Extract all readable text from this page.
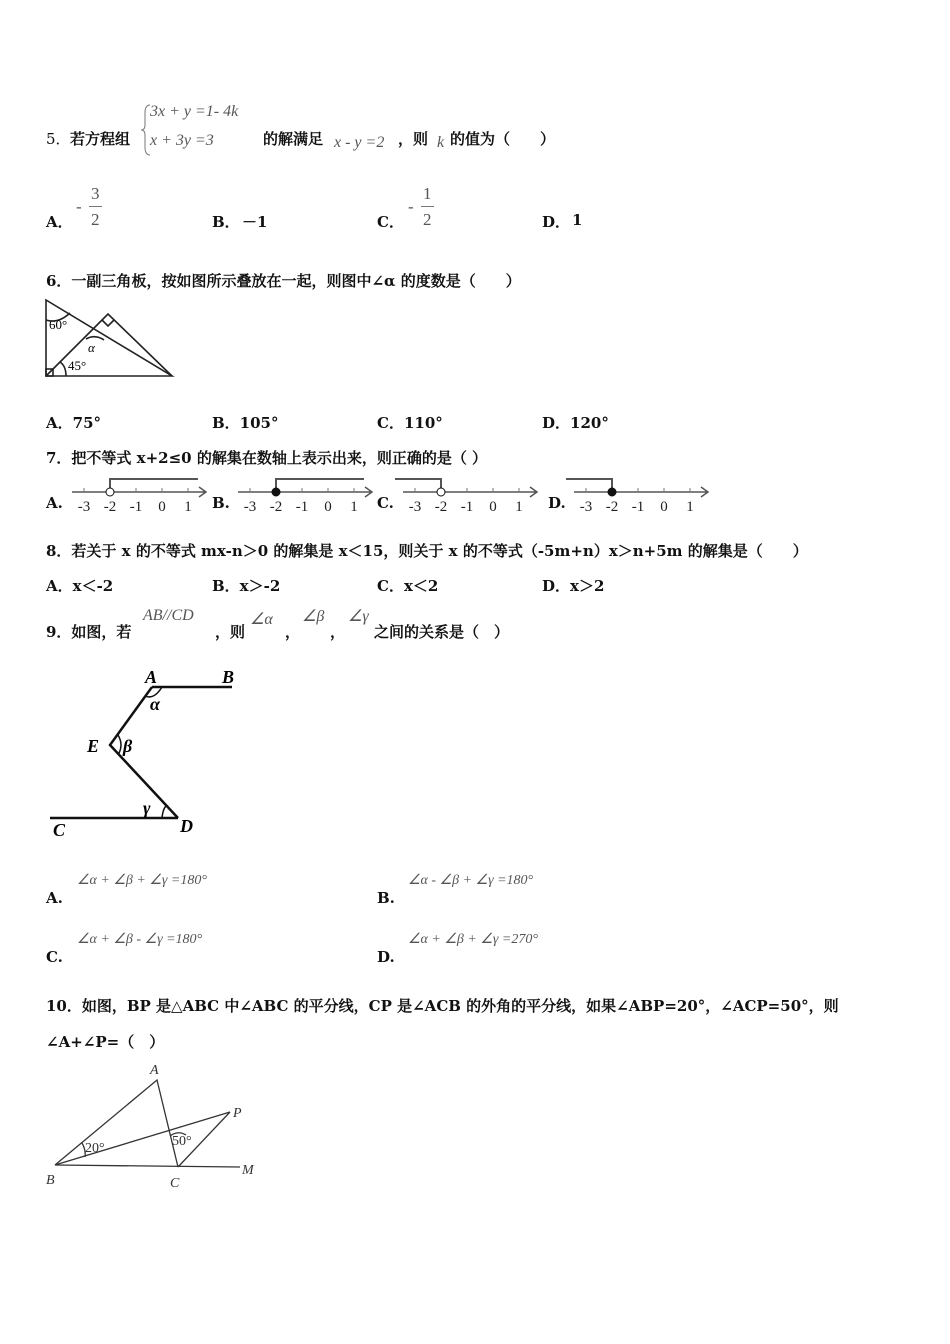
5． 若方程组
3x + y =1- 4k
x + 3y =3	的解满足 x - y =2 ，则 k 的值为（　　）
A．
-
3
2	B． －1	C．
-
1
2	D． 1
6．一副三角板，按如图所示叠放在一起，则图中∠α 的度数是（　　）
60°
α
45°
A．75°	B．105°	C．110°	D．120°
7．把不等式 x+2≤0 的解集在数轴上表示出来，则正确的是（ ）
A. -3 -2 -1 0 1 B. -3 -2 -1 0 1 C. -3 -2 -1 0 1 D. -3 -2 -1 0 1
8．若关于 x 的不等式 mx-n＞0 的解集是 x＜15，则关于 x 的不等式（-5m+n）x＞n+5m 的解集是（　　）
A．x＜-2	B．x＞-2	C．x＜2	D．x＞2
9．如图，若
AB//CD
，则
∠α
，
∠β
，
∠γ
之间的关系是（　）
A	B
E
D
C
α
β
γ
A.
∠α + ∠β + ∠γ =180°
B.
∠α - ∠β + ∠γ =180°
C.
∠α + ∠β - ∠γ =180°
D.
∠α + ∠β + ∠γ =270°
10．如图，BP 是△ABC 中∠ABC 的平分线，CP 是∠ACB 的外角的平分线，如果∠ABP=20°，∠ACP=50°，则
∠A+∠P=（　）
A
B	C
P
M
20°	50°
